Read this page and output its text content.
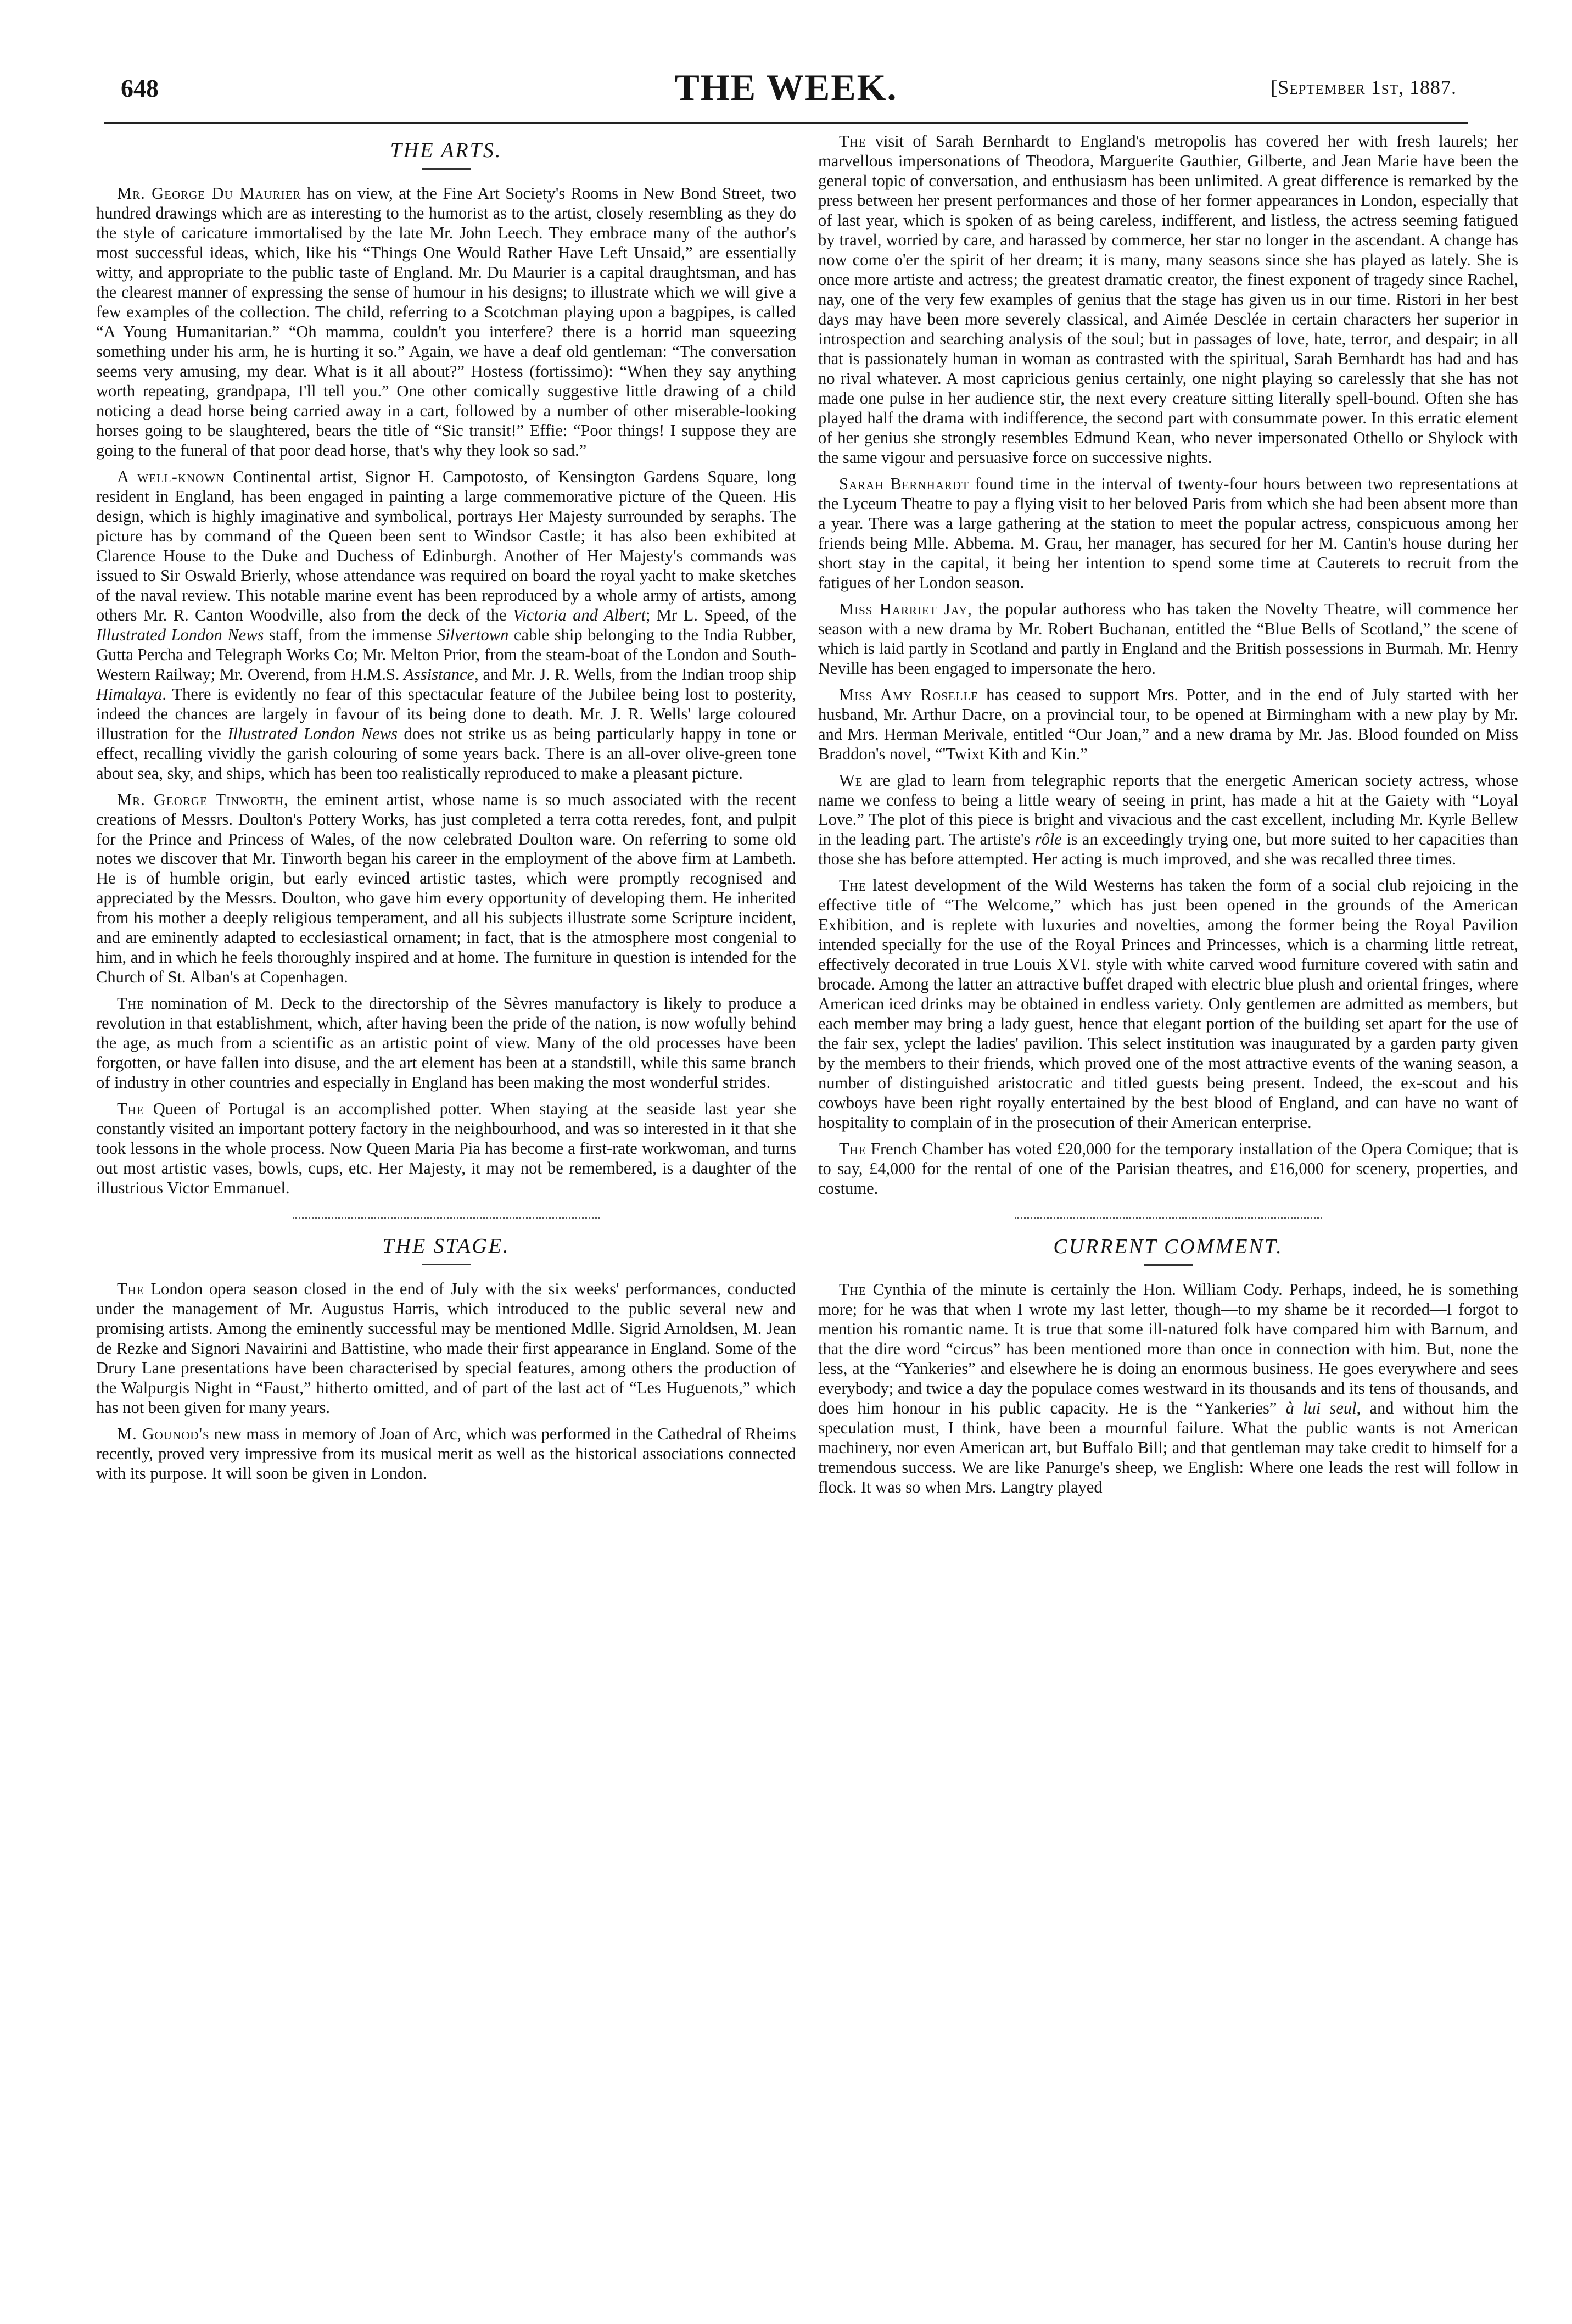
648	THE WEEK.	[September 1st, 1887.
THE ARTS.

Mr. George Du Maurier has on view, at the Fine Art Society's Rooms in New Bond Street, two hundred drawings which are as interesting to the humorist as to the artist, closely resembling as they do the style of caricature immortalised by the late Mr. John Leech. They embrace many of the author's most successful ideas, which, like his “Things One Would Rather Have Left Unsaid,” are essentially witty, and appropriate to the public taste of England. Mr. Du Maurier is a capital draughtsman, and has the clearest manner of expressing the sense of humour in his designs; to illustrate which we will give a few examples of the collection. The child, referring to a Scotchman playing upon a bagpipes, is called “A Young Humanitarian.” “Oh mamma, couldn't you interfere? there is a horrid man squeezing something under his arm, he is hurting it so.” Again, we have a deaf old gentleman: “The conversation seems very amusing, my dear. What is it all about?” Hostess (fortissimo): “When they say anything worth repeating, grandpapa, I'll tell you.” One other comically suggestive little drawing of a child noticing a dead horse being carried away in a cart, followed by a number of other miserable-looking horses going to be slaughtered, bears the title of “Sic transit!” Effie: “Poor things! I suppose they are going to the funeral of that poor dead horse, that's why they look so sad.”

A well-known Continental artist, Signor H. Campotosto, of Kensington Gardens Square, long resident in England, has been engaged in painting a large commemorative picture of the Queen. His design, which is highly imaginative and symbolical, portrays Her Majesty surrounded by seraphs. The picture has by command of the Queen been sent to Windsor Castle; it has also been exhibited at Clarence House to the Duke and Duchess of Edinburgh. Another of Her Majesty's commands was issued to Sir Oswald Brierly, whose attendance was required on board the royal yacht to make sketches of the naval review. This notable marine event has been reproduced by a whole army of artists, among others Mr. R. Canton Woodville, also from the deck of the Victoria and Albert; Mr L. Speed, of the Illustrated London News staff, from the immense Silvertown cable ship belonging to the India Rubber, Gutta Percha and Telegraph Works Co; Mr. Melton Prior, from the steam-boat of the London and South-Western Railway; Mr. Overend, from H.M.S. Assistance, and Mr. J. R. Wells, from the Indian troop ship Himalaya. There is evidently no fear of this spectacular feature of the Jubilee being lost to posterity, indeed the chances are largely in favour of its being done to death. Mr. J. R. Wells' large coloured illustration for the Illustrated London News does not strike us as being particularly happy in tone or effect, recalling vividly the garish colouring of some years back. There is an all-over olive-green tone about sea, sky, and ships, which has been too realistically reproduced to make a pleasant picture.

Mr. George Tinworth, the eminent artist, whose name is so much associated with the recent creations of Messrs. Doulton's Pottery Works, has just completed a terra cotta reredes, font, and pulpit for the Prince and Princess of Wales, of the now celebrated Doulton ware. On referring to some old notes we discover that Mr. Tinworth began his career in the employment of the above firm at Lambeth. He is of humble origin, but early evinced artistic tastes, which were promptly recognised and appreciated by the Messrs. Doulton, who gave him every opportunity of developing them. He inherited from his mother a deeply religious temperament, and all his subjects illustrate some Scripture incident, and are eminently adapted to ecclesiastical ornament; in fact, that is the atmosphere most congenial to him, and in which he feels thoroughly inspired and at home. The furniture in question is intended for the Church of St. Alban's at Copenhagen.

The nomination of M. Deck to the directorship of the Sèvres manufactory is likely to produce a revolution in that establishment, which, after having been the pride of the nation, is now wofully behind the age, as much from a scientific as an artistic point of view. Many of the old processes have been forgotten, or have fallen into disuse, and the art element has been at a standstill, while this same branch of industry in other countries and especially in England has been making the most wonderful strides.

The Queen of Portugal is an accomplished potter. When staying at the seaside last year she constantly visited an important pottery factory in the neighbourhood, and was so interested in it that she took lessons in the whole process. Now Queen Maria Pia has become a first-rate workwoman, and turns out most artistic vases, bowls, cups, etc. Her Majesty, it may not be remembered, is a daughter of the illustrious Victor Emmanuel.

THE STAGE.

The London opera season closed in the end of July with the six weeks' performances, conducted under the management of Mr. Augustus Harris, which introduced to the public several new and promising artists. Among the eminently successful may be mentioned Mdlle. Sigrid Arnoldsen, M. Jean de Rezke and Signori Navairini and Battistine, who made their first appearance in England. Some of the Drury Lane presentations have been characterised by special features, among others the production of the Walpurgis Night in “Faust,” hitherto omitted, and of part of the last act of “Les Huguenots,” which has not been given for many years.

M. Gounod's new mass in memory of Joan of Arc, which was performed in the Cathedral of Rheims recently, proved very impressive from its musical merit as well as the historical associations connected with its purpose. It will soon be given in London.

The visit of Sarah Bernhardt to England's metropolis has covered her with fresh laurels; her marvellous impersonations of Theodora, Marguerite Gauthier, Gilberte, and Jean Marie have been the general topic of conversation, and enthusiasm has been unlimited. A great difference is remarked by the press between her present performances and those of her former appearances in London, especially that of last year, which is spoken of as being careless, indifferent, and listless, the actress seeming fatigued by travel, worried by care, and harassed by commerce, her star no longer in the ascendant. A change has now come o'er the spirit of her dream; it is many, many seasons since she has played as lately. She is once more artiste and actress; the greatest dramatic creator, the finest exponent of tragedy since Rachel, nay, one of the very few examples of genius that the stage has given us in our time. Ristori in her best days may have been more severely classical, and Aimée Desclée in certain characters her superior in introspection and searching analysis of the soul; but in passages of love, hate, terror, and despair; in all that is passionately human in woman as contrasted with the spiritual, Sarah Bernhardt has had and has no rival whatever. A most capricious genius certainly, one night playing so carelessly that she has not made one pulse in her audience stir, the next every creature sitting literally spell-bound. Often she has played half the drama with indifference, the second part with consummate power. In this erratic element of her genius she strongly resembles Edmund Kean, who never impersonated Othello or Shylock with the same vigour and persuasive force on successive nights.

Sarah Bernhardt found time in the interval of twenty-four hours between two representations at the Lyceum Theatre to pay a flying visit to her beloved Paris from which she had been absent more than a year. There was a large gathering at the station to meet the popular actress, conspicuous among her friends being Mlle. Abbema. M. Grau, her manager, has secured for her M. Cantin's house during her short stay in the capital, it being her intention to spend some time at Cauterets to recruit from the fatigues of her London season.

Miss Harriet Jay, the popular authoress who has taken the Novelty Theatre, will commence her season with a new drama by Mr. Robert Buchanan, entitled the “Blue Bells of Scotland,” the scene of which is laid partly in Scotland and partly in England and the British possessions in Burmah. Mr. Henry Neville has been engaged to impersonate the hero.

Miss Amy Roselle has ceased to support Mrs. Potter, and in the end of July started with her husband, Mr. Arthur Dacre, on a provincial tour, to be opened at Birmingham with a new play by Mr. and Mrs. Herman Merivale, entitled “Our Joan,” and a new drama by Mr. Jas. Blood founded on Miss Braddon's novel, “'Twixt Kith and Kin.”

We are glad to learn from telegraphic reports that the energetic American society actress, whose name we confess to being a little weary of seeing in print, has made a hit at the Gaiety with “Loyal Love.” The plot of this piece is bright and vivacious and the cast excellent, including Mr. Kyrle Bellew in the leading part. The artiste's rôle is an exceedingly trying one, but more suited to her capacities than those she has before attempted. Her acting is much improved, and she was recalled three times.

The latest development of the Wild Westerns has taken the form of a social club rejoicing in the effective title of “The Welcome,” which has just been opened in the grounds of the American Exhibition, and is replete with luxuries and novelties, among the former being the Royal Pavilion intended specially for the use of the Royal Princes and Princesses, which is a charming little retreat, effectively decorated in true Louis XVI. style with white carved wood furniture covered with satin and brocade. Among the latter an attractive buffet draped with electric blue plush and oriental fringes, where American iced drinks may be obtained in endless variety. Only gentlemen are admitted as members, but each member may bring a lady guest, hence that elegant portion of the building set apart for the use of the fair sex, yclept the ladies' pavilion. This select institution was inaugurated by a garden party given by the members to their friends, which proved one of the most attractive events of the waning season, a number of distinguished aristocratic and titled guests being present. Indeed, the ex-scout and his cowboys have been right royally entertained by the best blood of England, and can have no want of hospitality to complain of in the prosecution of their American enterprise.

The French Chamber has voted £20,000 for the temporary installation of the Opera Comique; that is to say, £4,000 for the rental of one of the Parisian theatres, and £16,000 for scenery, properties, and costume.

CURRENT COMMENT.

The Cynthia of the minute is certainly the Hon. William Cody. Perhaps, indeed, he is something more; for he was that when I wrote my last letter, though—to my shame be it recorded—I forgot to mention his romantic name. It is true that some ill-natured folk have compared him with Barnum, and that the dire word “circus” has been mentioned more than once in connection with him. But, none the less, at the “Yankeries” and elsewhere he is doing an enormous business. He goes everywhere and sees everybody; and twice a day the populace comes westward in its thousands and its tens of thousands, and does him honour in his public capacity. He is the “Yankeries” à lui seul, and without him the speculation must, I think, have been a mournful failure. What the public wants is not American machinery, nor even American art, but Buffalo Bill; and that gentleman may take credit to himself for a tremendous success. We are like Panurge's sheep, we English: Where one leads the rest will follow in flock. It was so when Mrs. Langtry played
